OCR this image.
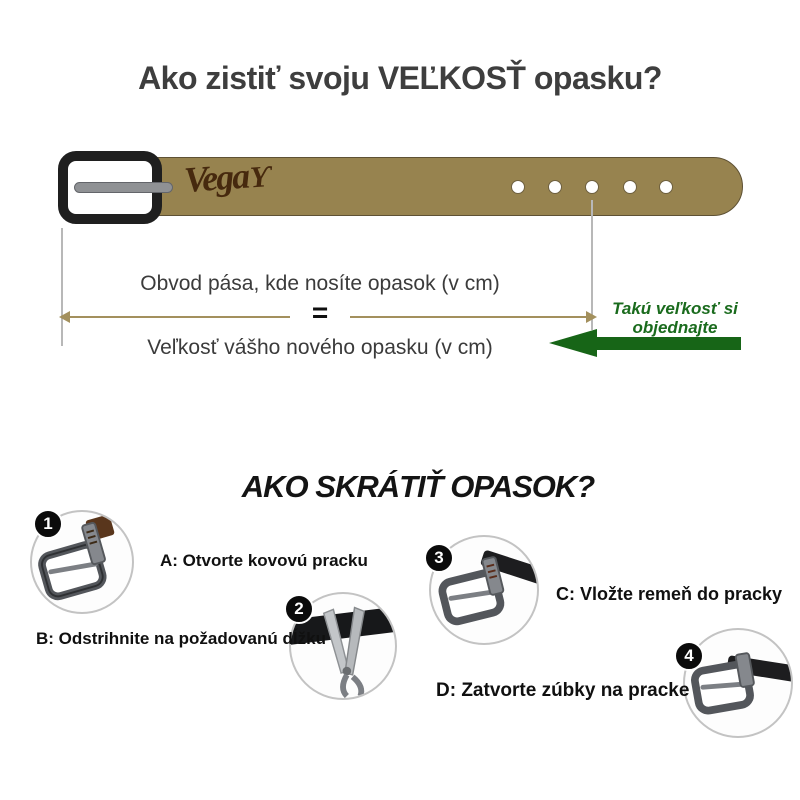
Ako zistiť svoju VEĽKOSŤ opasku?
VegaƳ
Obvod pása, kde nosíte opasok (v cm)
=
Veľkosť vášho nového opasku (v cm)
Takú veľkosť si
objednajte
AKO SKRÁTIŤ OPASOK?
1
A: Otvorte kovovú pracku
2
B: Odstrihnite na požadovanú dĺžku
3
C: Vložte remeň do pracky
4
D: Zatvorte zúbky na pracke
